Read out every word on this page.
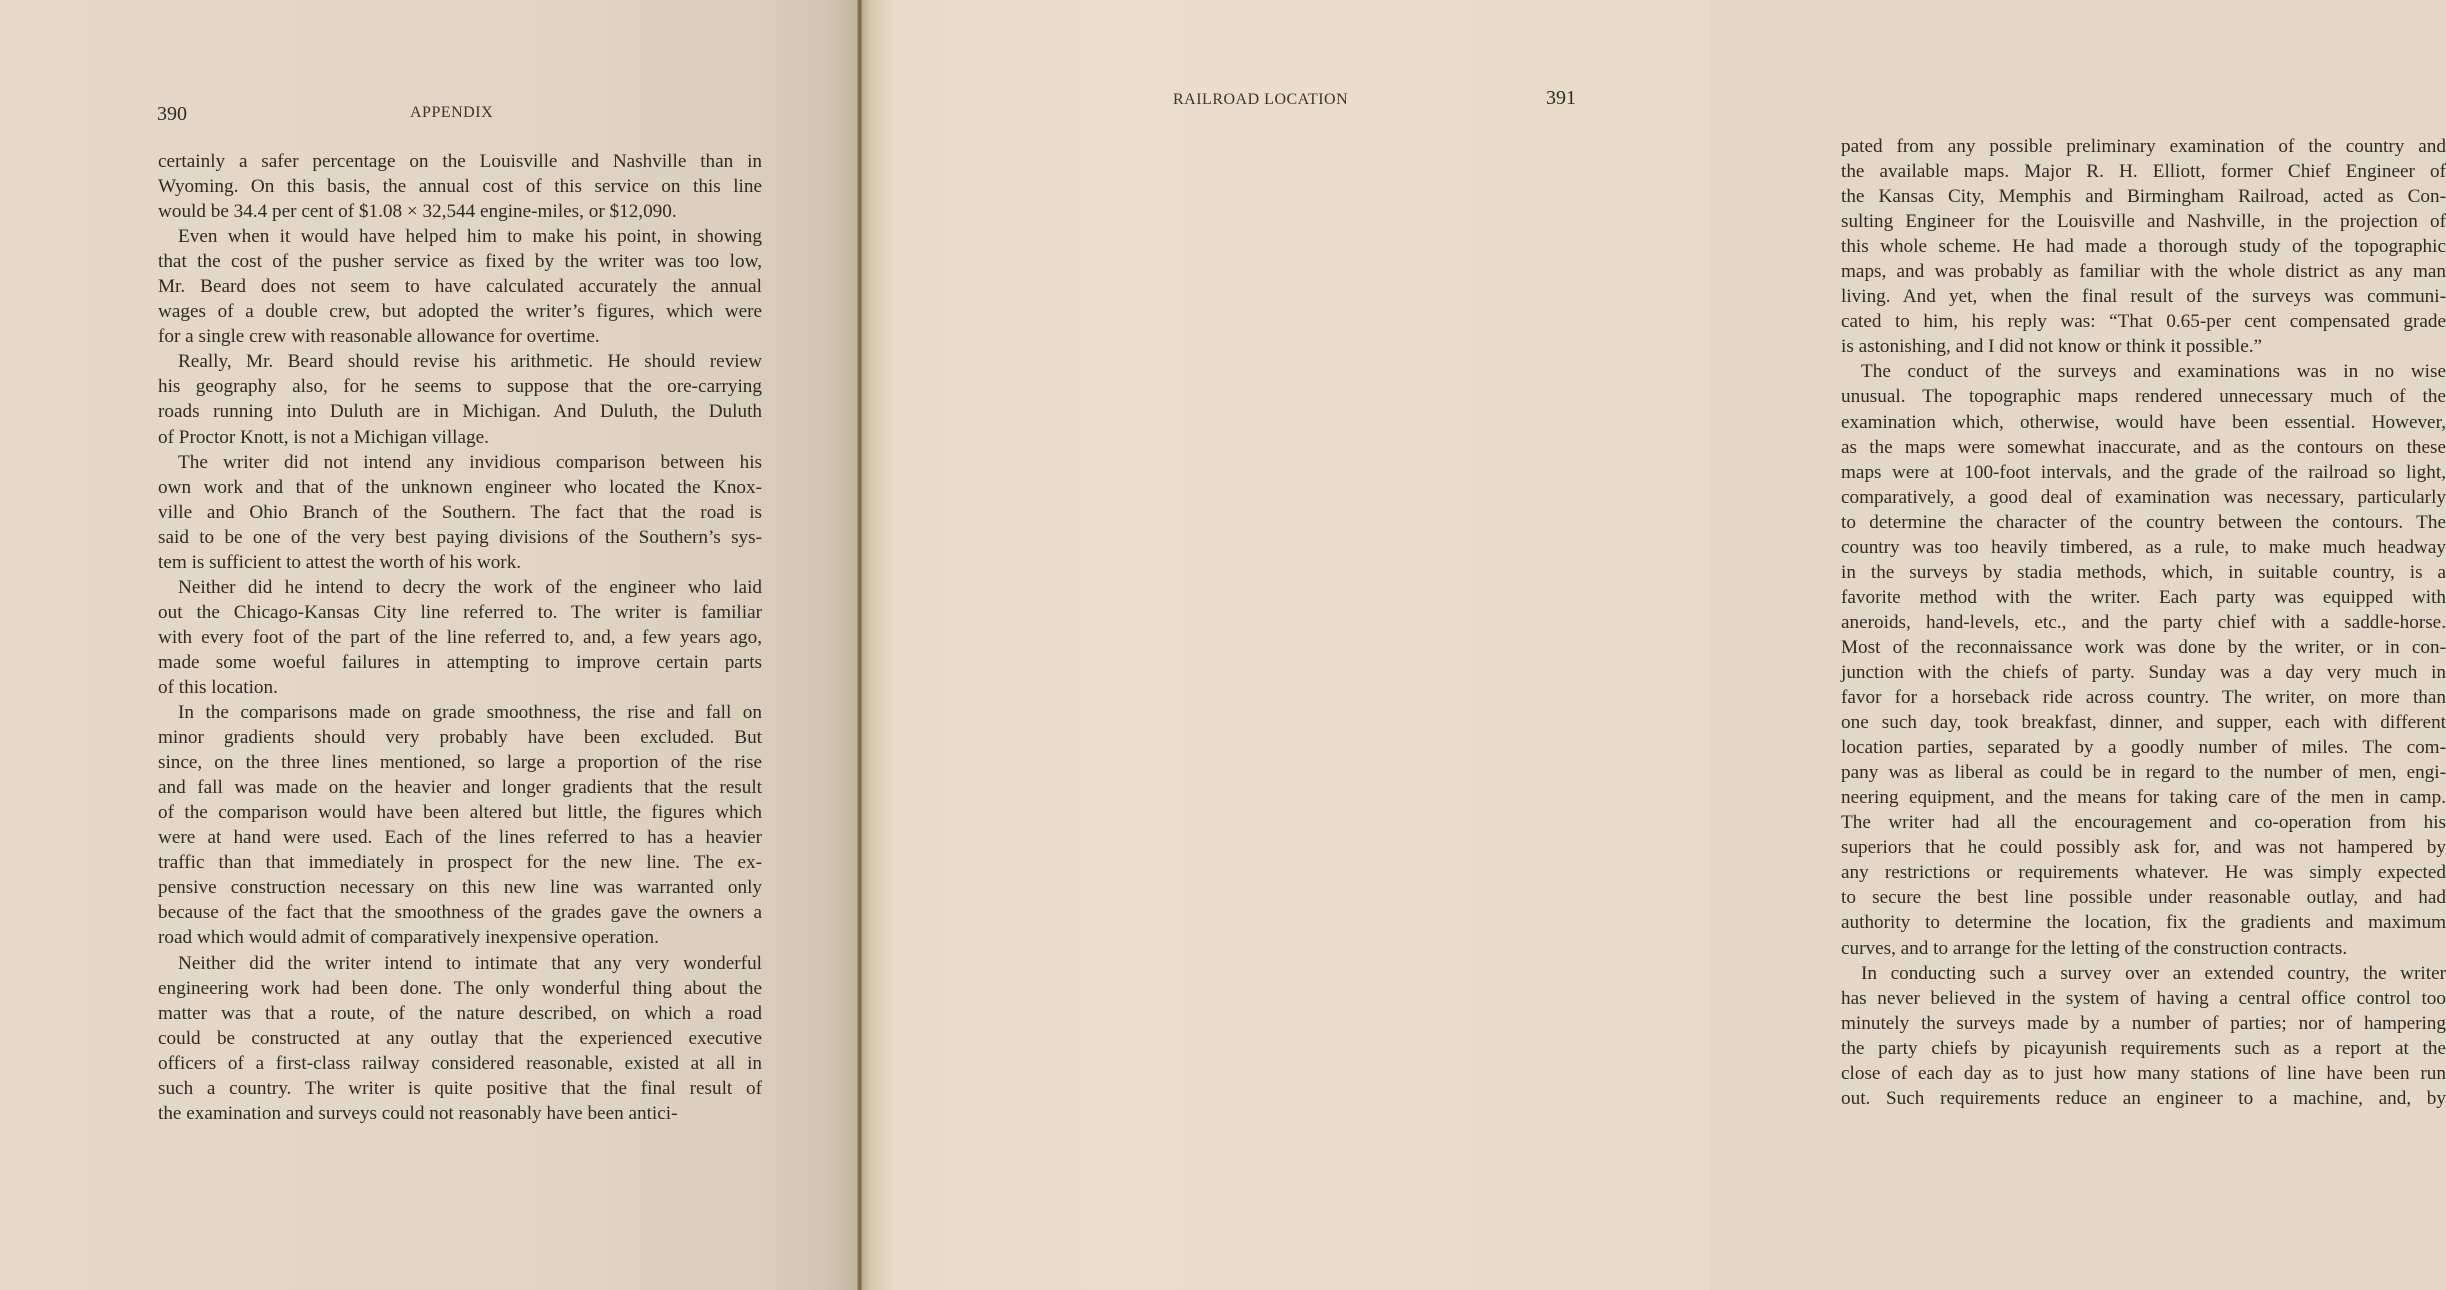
390	APPENDIX
certainly a safer percentage on the Louisville and Nashville than in
Wyoming. On this basis, the annual cost of this service on this line
would be 34.4 per cent of $1.08 × 32,544 engine-miles, or $12,090.
Even when it would have helped him to make his point, in showing
that the cost of the pusher service as fixed by the writer was too low,
Mr. Beard does not seem to have calculated accurately the annual
wages of a double crew, but adopted the writer’s figures, which were
for a single crew with reasonable allowance for overtime.
Really, Mr. Beard should revise his arithmetic. He should review
his geography also, for he seems to suppose that the ore-carrying
roads running into Duluth are in Michigan. And Duluth, the Duluth
of Proctor Knott, is not a Michigan village.
The writer did not intend any invidious comparison between his
own work and that of the unknown engineer who located the Knox-
ville and Ohio Branch of the Southern. The fact that the road is
said to be one of the very best paying divisions of the Southern’s sys-
tem is sufficient to attest the worth of his work.
Neither did he intend to decry the work of the engineer who laid
out the Chicago-Kansas City line referred to. The writer is familiar
with every foot of the part of the line referred to, and, a few years ago,
made some woeful failures in attempting to improve certain parts
of this location.
In the comparisons made on grade smoothness, the rise and fall on
minor gradients should very probably have been excluded. But
since, on the three lines mentioned, so large a proportion of the rise
and fall was made on the heavier and longer gradients that the result
of the comparison would have been altered but little, the figures which
were at hand were used. Each of the lines referred to has a heavier
traffic than that immediately in prospect for the new line. The ex-
pensive construction necessary on this new line was warranted only
because of the fact that the smoothness of the grades gave the owners a
road which would admit of comparatively inexpensive operation.
Neither did the writer intend to intimate that any very wonderful
engineering work had been done. The only wonderful thing about the
matter was that a route, of the nature described, on which a road
could be constructed at any outlay that the experienced executive
officers of a first-class railway considered reasonable, existed at all in
such a country. The writer is quite positive that the final result of
the examination and surveys could not reasonably have been antici-
RAILROAD LOCATION	391
pated from any possible preliminary examination of the country and
the available maps. Major R. H. Elliott, former Chief Engineer of
the Kansas City, Memphis and Birmingham Railroad, acted as Con-
sulting Engineer for the Louisville and Nashville, in the projection of
this whole scheme. He had made a thorough study of the topographic
maps, and was probably as familiar with the whole district as any man
living. And yet, when the final result of the surveys was communi-
cated to him, his reply was: “That 0.65-per cent compensated grade
is astonishing, and I did not know or think it possible.”
The conduct of the surveys and examinations was in no wise
unusual. The topographic maps rendered unnecessary much of the
examination which, otherwise, would have been essential. However,
as the maps were somewhat inaccurate, and as the contours on these
maps were at 100-foot intervals, and the grade of the railroad so light,
comparatively, a good deal of examination was necessary, particularly
to determine the character of the country between the contours. The
country was too heavily timbered, as a rule, to make much headway
in the surveys by stadia methods, which, in suitable country, is a
favorite method with the writer. Each party was equipped with
aneroids, hand-levels, etc., and the party chief with a saddle-horse.
Most of the reconnaissance work was done by the writer, or in con-
junction with the chiefs of party. Sunday was a day very much in
favor for a horseback ride across country. The writer, on more than
one such day, took breakfast, dinner, and supper, each with different
location parties, separated by a goodly number of miles. The com-
pany was as liberal as could be in regard to the number of men, engi-
neering equipment, and the means for taking care of the men in camp.
The writer had all the encouragement and co-operation from his
superiors that he could possibly ask for, and was not hampered by
any restrictions or requirements whatever. He was simply expected
to secure the best line possible under reasonable outlay, and had
authority to determine the location, fix the gradients and maximum
curves, and to arrange for the letting of the construction contracts.
In conducting such a survey over an extended country, the writer
has never believed in the system of having a central office control too
minutely the surveys made by a number of parties; nor of hampering
the party chiefs by picayunish requirements such as a report at the
close of each day as to just how many stations of line have been run
out. Such requirements reduce an engineer to a machine, and, by
